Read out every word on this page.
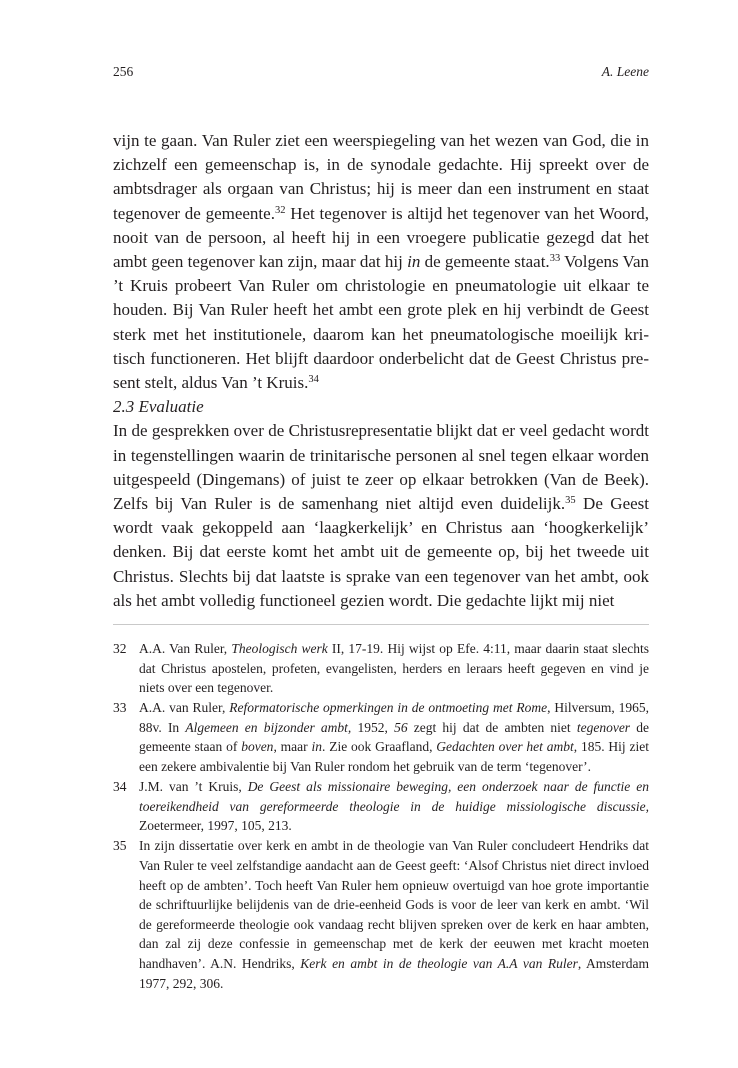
256	A. Leene

vijn te gaan. Van Ruler ziet een weerspiegeling van het wezen van God, die in zichzelf een gemeenschap is, in de synodale gedachte. Hij spreekt over de ambtsdrager als orgaan van Christus; hij is meer dan een instrument en staat tegenover de gemeente.$^{32}$ Het tegenover is altijd het tegenover van het Woord, nooit van de persoon, al heeft hij in een vroegere publicatie gezegd dat het ambt geen tegenover kan zijn, maar dat hij in de gemeente staat.$^{33}$ Volgens Van ’t Kruis probeert Van Ruler om christologie en pneumatologie uit elkaar te houden. Bij Van Ruler heeft het ambt een grote plek en hij verbindt de Geest sterk met het institutionele, daarom kan het pneumatologische moeilijk kritisch functioneren. Het blijft daardoor onderbelicht dat de Geest Christus present stelt, aldus Van ’t Kruis.$^{34}$

2.3 Evaluatie

In de gesprekken over de Christusrepresentatie blijkt dat er veel gedacht wordt in tegenstellingen waarin de trinitarische personen al snel tegen elkaar worden uitgespeeld (Dingemans) of juist te zeer op elkaar betrokken (Van de Beek). Zelfs bij Van Ruler is de samenhang niet altijd even duidelijk.$^{35}$ De Geest wordt vaak gekoppeld aan ‘laagkerkelijk’ en Christus aan ‘hoogkerkelijk’ denken. Bij dat eerste komt het ambt uit de gemeente op, bij het tweede uit Christus. Slechts bij dat laatste is sprake van een tegenover van het ambt, ook als het ambt volledig functioneel gezien wordt. Die gedachte lijkt mij niet

32 A.A. Van Ruler, Theologisch werk II, 17-19. Hij wijst op Efe. 4:11, maar daarin staat slechts dat Christus apostelen, profeten, evangelisten, herders en leraars heeft gegeven en vind je niets over een tegenover.
33 A.A. van Ruler, Reformatorische opmerkingen in de ontmoeting met Rome, Hilversum, 1965, 88v. In Algemeen en bijzonder ambt, 1952, 56 zegt hij dat de ambten niet tegenover de gemeente staan of boven, maar in. Zie ook Graafland, Gedachten over het ambt, 185. Hij ziet een zekere ambivalentie bij Van Ruler rondom het gebruik van de term ‘tegenover’.
34 J.M. van ’t Kruis, De Geest als missionaire beweging, een onderzoek naar de functie en toereikendheid van gereformeerde theologie in de huidige missiologische discussie, Zoetermeer, 1997, 105, 213.
35 In zijn dissertatie over kerk en ambt in de theologie van Van Ruler concludeert Hendriks dat Van Ruler te veel zelfstandige aandacht aan de Geest geeft: ‘Alsof Christus niet direct invloed heeft op de ambten’. Toch heeft Van Ruler hem opnieuw overtuigd van hoe grote importantie de schriftuurlijke belijdenis van de drie-eenheid Gods is voor de leer van kerk en ambt. ‘Wil de gereformeerde theologie ook vandaag recht blijven spreken over de kerk en haar ambten, dan zal zij deze confessie in gemeenschap met de kerk der eeuwen met kracht moeten handhaven’. A.N. Hendriks, Kerk en ambt in de theologie van A.A van Ruler, Amsterdam 1977, 292, 306.
